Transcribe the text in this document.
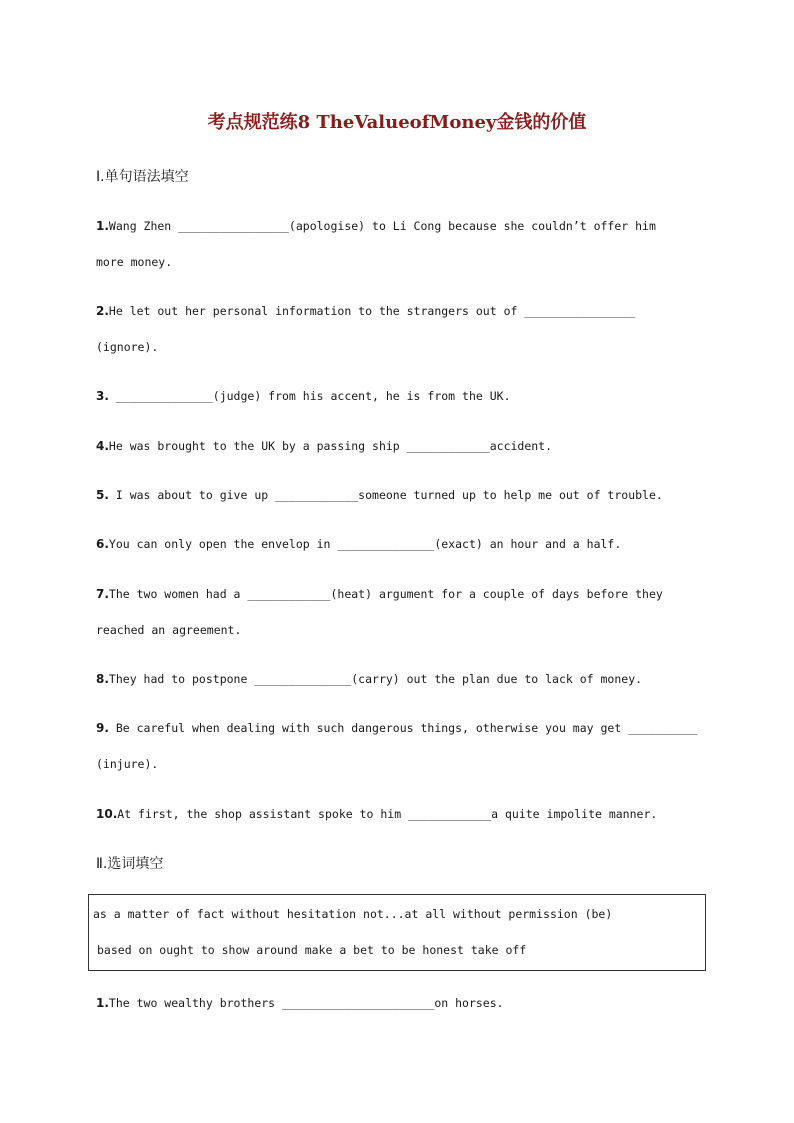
考点规范练8 TheValueofMoney金钱的价值
Ⅰ.单句语法填空
1.Wang Zhen ________________(apologise) to Li Cong because she couldn’t offer him
more money.
2.He let out her personal information to the strangers out of ________________
(ignore).
3. ______________(judge) from his accent, he is from the UK.
4.He was brought to the UK by a passing ship ____________accident.
5. I was about to give up ____________someone turned up to help me out of trouble.
6.You can only open the envelop in ______________(exact) an hour and a half.
7.The two women had a ____________(heat) argument for a couple of days before they
reached an agreement.
8.They had to postpone ______________(carry) out the plan due to lack of money.
9. Be careful when dealing with such dangerous things, otherwise you may get __________
(injure).
10.At first, the shop assistant spoke to him ____________a quite impolite manner.
Ⅱ.选词填空
as a matter of fact without hesitation not...at all without permission (be)
based on ought to show around make a bet to be honest take off
1.The two wealthy brothers ______________________on horses.
